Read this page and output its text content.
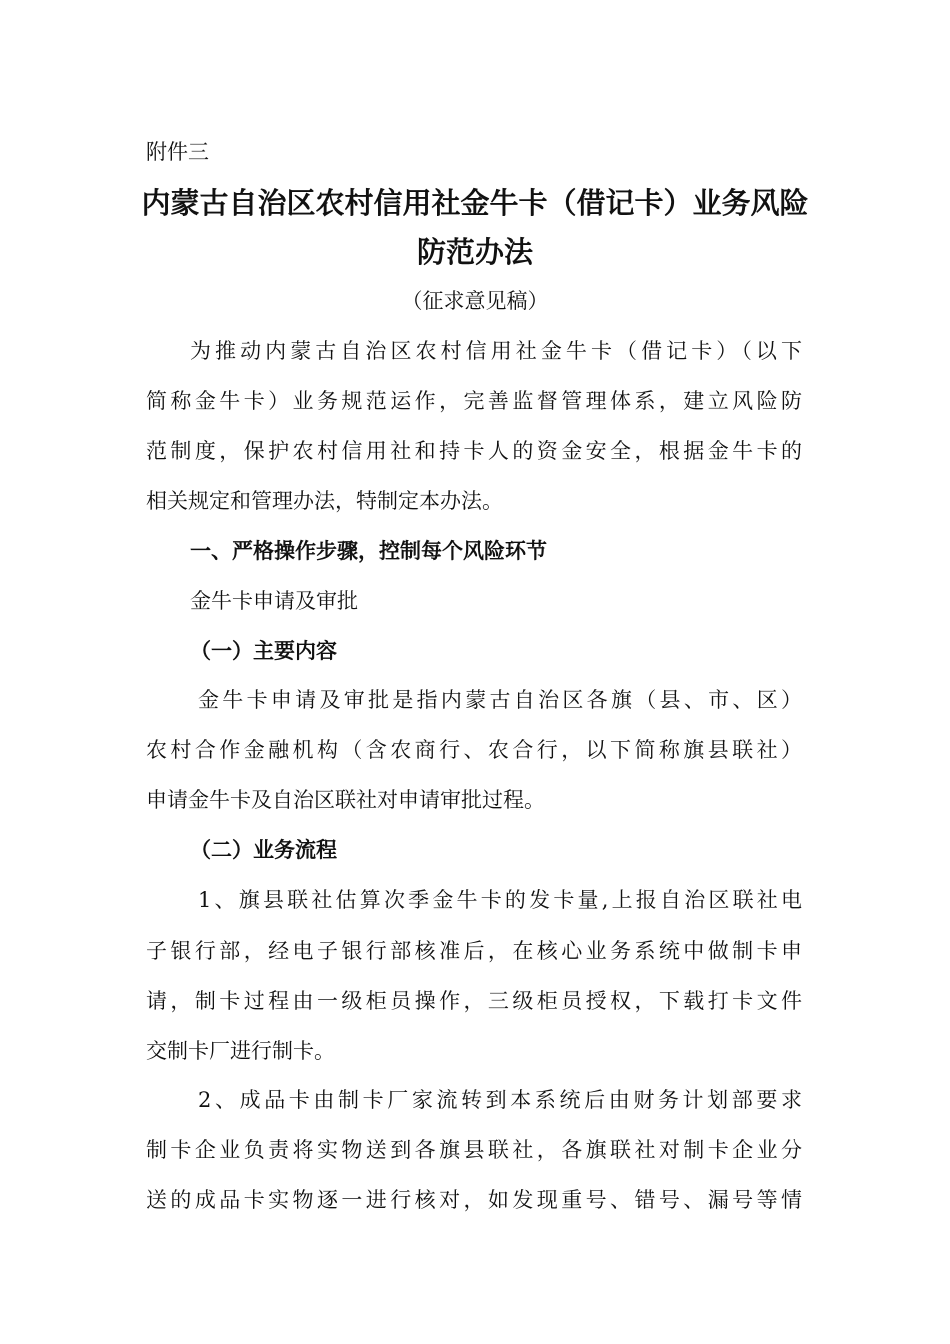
附件三
内蒙古自治区农村信用社金牛卡（借记卡）业务风险
防范办法
（征求意见稿）
为推动内蒙古自治区农村信用社金牛卡（借记卡）（以下
简称金牛卡）业务规范运作，完善监督管理体系，建立风险防
范制度，保护农村信用社和持卡人的资金安全，根据金牛卡的
相关规定和管理办法，特制定本办法。
一、严格操作步骤，控制每个风险环节
金牛卡申请及审批
（一）主要内容
金牛卡申请及审批是指内蒙古自治区各旗（县、市、区）
农村合作金融机构（含农商行、农合行，以下简称旗县联社）
申请金牛卡及自治区联社对申请审批过程。
（二）业务流程
1、旗县联社估算次季金牛卡的发卡量,上报自治区联社电
子银行部，经电子银行部核准后，在核心业务系统中做制卡申
请，制卡过程由一级柜员操作，三级柜员授权，下载打卡文件
交制卡厂进行制卡。
2、成品卡由制卡厂家流转到本系统后由财务计划部要求
制卡企业负责将实物送到各旗县联社，各旗联社对制卡企业分
送的成品卡实物逐一进行核对，如发现重号、错号、漏号等情
